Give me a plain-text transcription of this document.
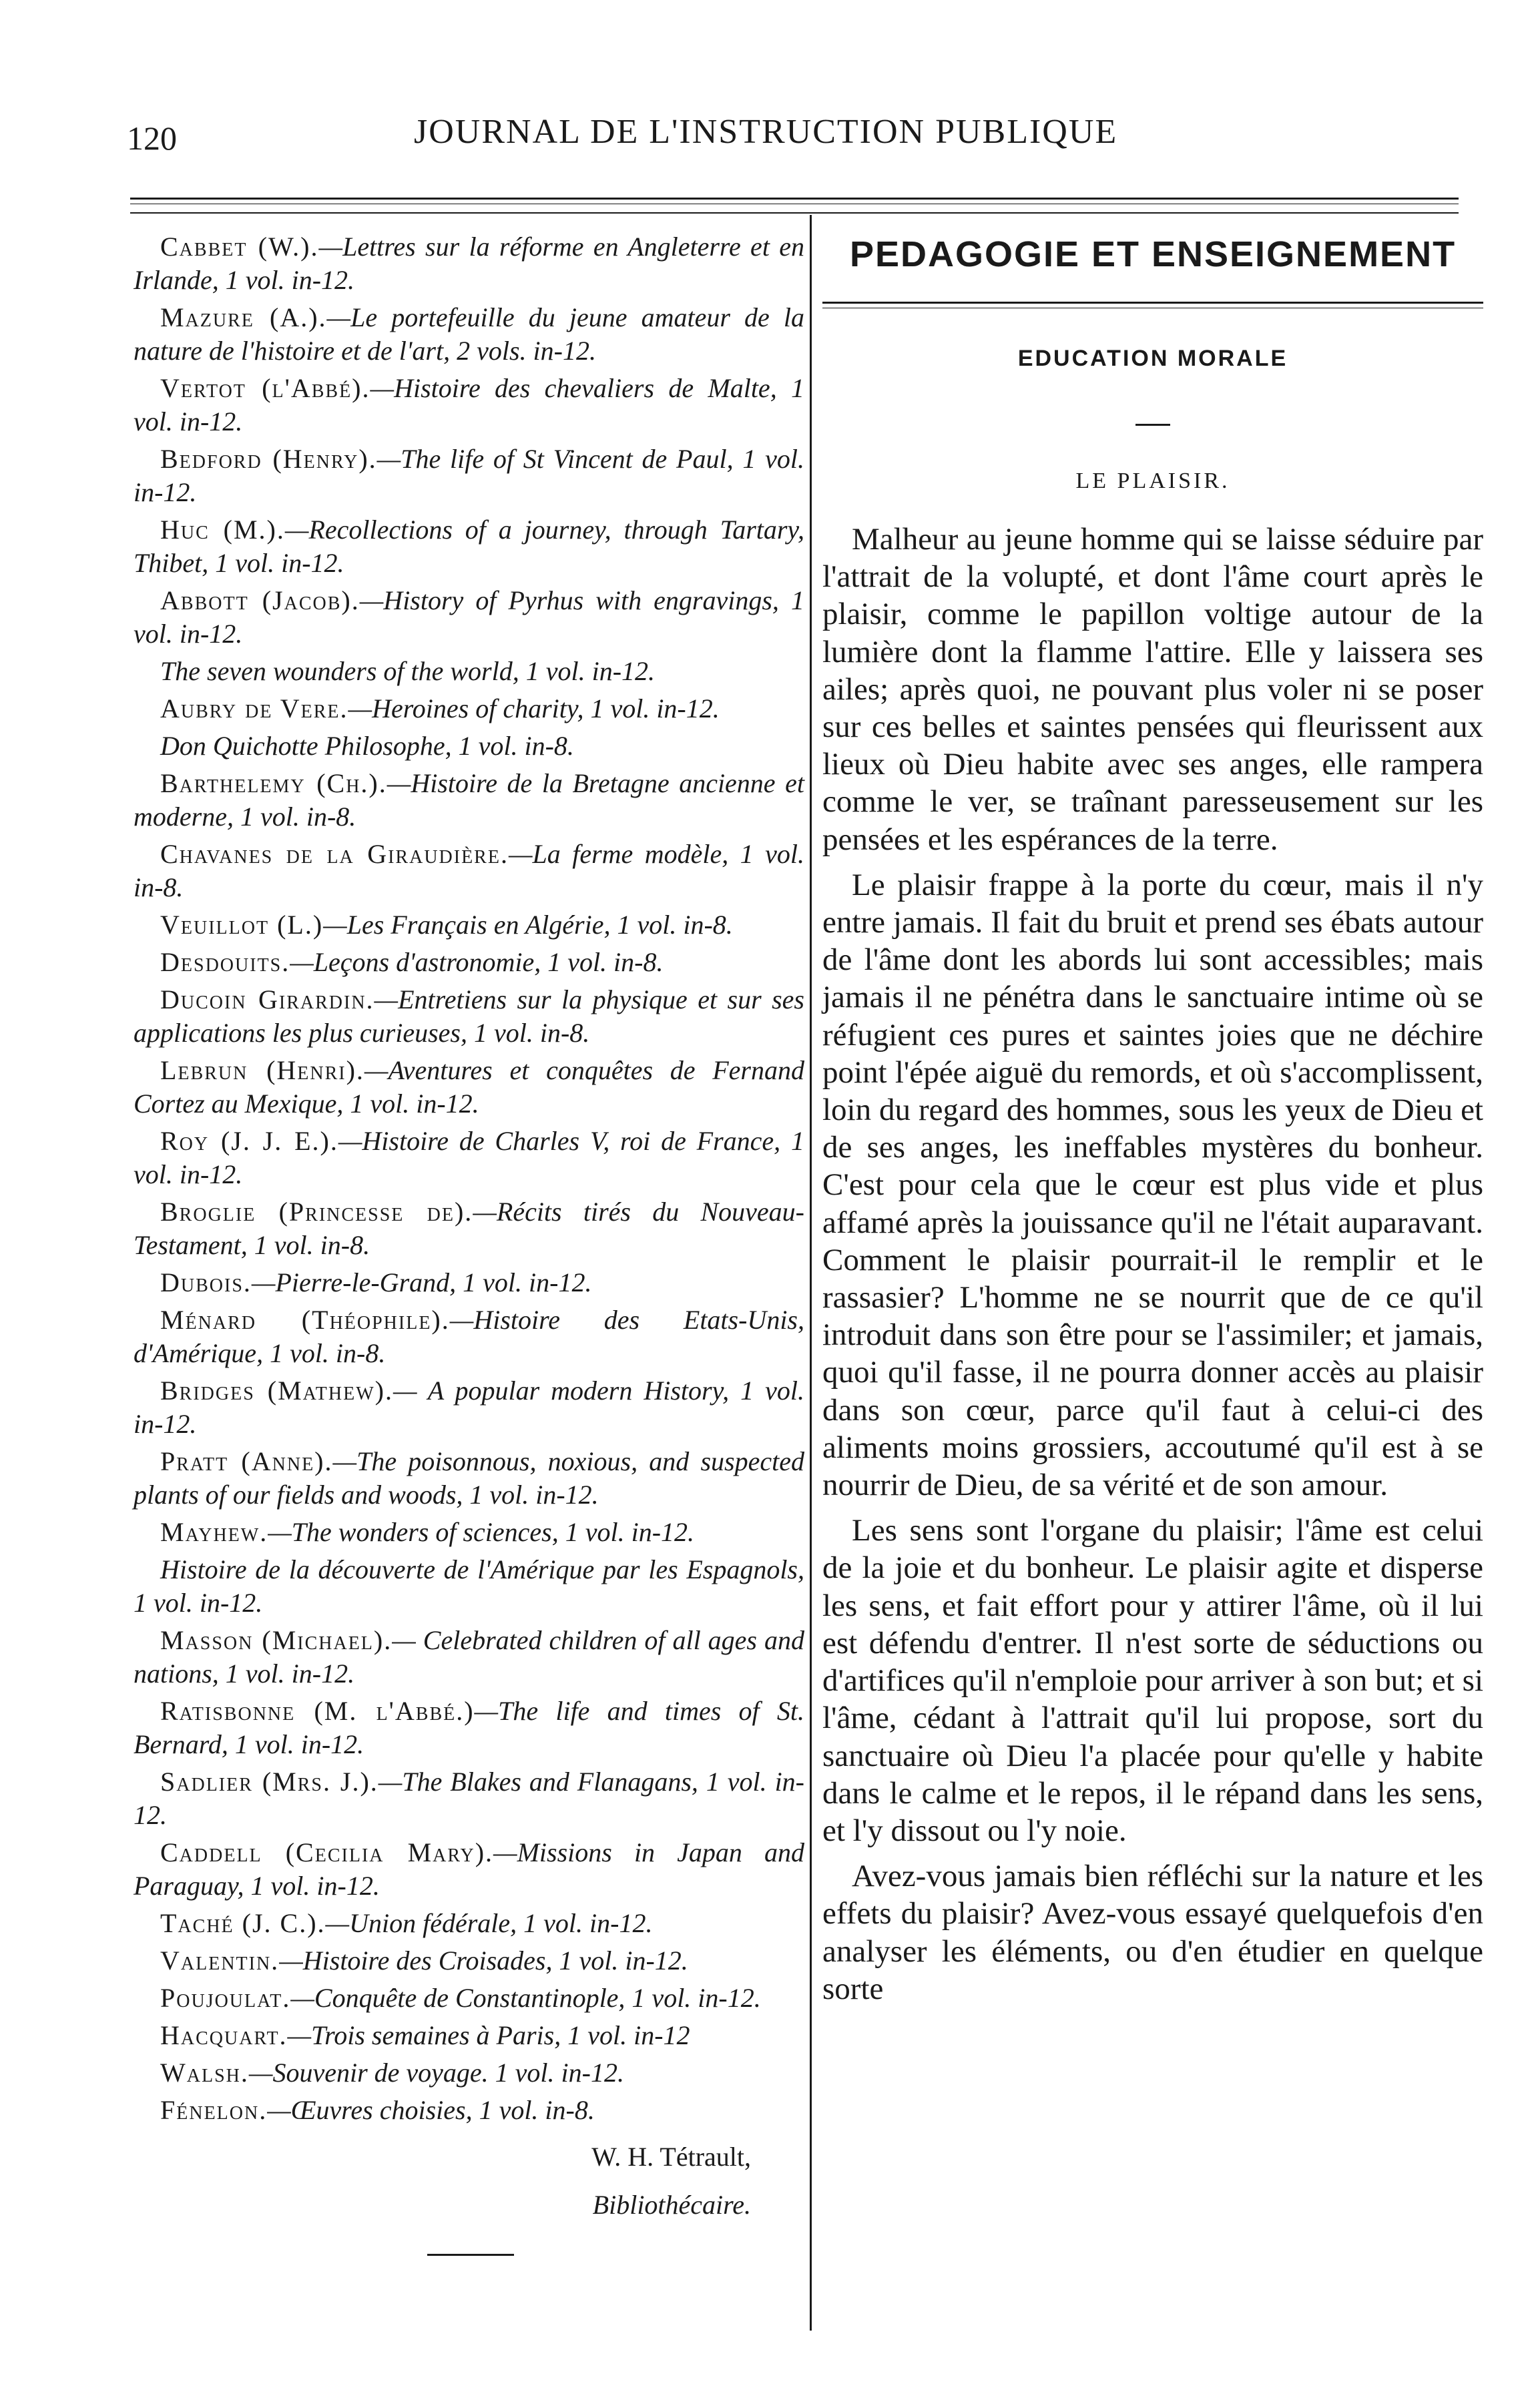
120	JOURNAL DE L'INSTRUCTION PUBLIQUE

Cabbet (W.).—Lettres sur la réforme en Angleterre et en Irlande, 1 vol. in-12.

Mazure (A.).—Le portefeuille du jeune amateur de la nature de l'histoire et de l'art, 2 vols. in-12.

Vertot (l'Abbé).—Histoire des chevaliers de Malte, 1 vol. in-12.

Bedford (Henry).—The life of St Vincent de Paul, 1 vol. in-12.

Huc (M.).—Recollections of a journey, through Tartary, Thibet, 1 vol. in-12.

Abbott (Jacob).—History of Pyrhus with engravings, 1 vol. in-12.

The seven wounders of the world, 1 vol. in-12.

Aubry de Vere.—Heroines of charity, 1 vol. in-12.

Don Quichotte Philosophe, 1 vol. in-8.

Barthelemy (Ch.).—Histoire de la Bretagne ancienne et moderne, 1 vol. in-8.

Chavanes de la Giraudière.—La ferme modèle, 1 vol. in-8.

Veuillot (L.)—Les Français en Algérie, 1 vol. in-8.

Desdouits.—Leçons d'astronomie, 1 vol. in-8.

Ducoin Girardin.—Entretiens sur la physique et sur ses applications les plus curieuses, 1 vol. in-8.

Lebrun (Henri).—Aventures et conquêtes de Fernand Cortez au Mexique, 1 vol. in-12.

Roy (J. J. E.).—Histoire de Charles V, roi de France, 1 vol. in-12.

Broglie (Princesse de).—Récits tirés du Nouveau-Testament, 1 vol. in-8.

Dubois.—Pierre-le-Grand, 1 vol. in-12.

Ménard (Théophile).—Histoire des Etats-Unis, d'Amérique, 1 vol. in-8.

Bridges (Mathew).— A popular modern History, 1 vol. in-12.

Pratt (Anne).—The poisonnous, noxious, and suspected plants of our fields and woods, 1 vol. in-12.

Mayhew.—The wonders of sciences, 1 vol. in-12.

Histoire de la découverte de l'Amérique par les Espagnols, 1 vol. in-12.

Masson (Michael).— Celebrated children of all ages and nations, 1 vol. in-12.

Ratisbonne (M. l'Abbé.)—The life and times of St. Bernard, 1 vol. in-12.

Sadlier (Mrs. J.).—The Blakes and Flanagans, 1 vol. in-12.

Caddell (Cecilia Mary).—Missions in Japan and Paraguay, 1 vol. in-12.

Taché (J. C.).—Union fédérale, 1 vol. in-12.

Valentin.—Histoire des Croisades, 1 vol. in-12.

Poujoulat.—Conquête de Constantinople, 1 vol. in-12.

Hacquart.—Trois semaines à Paris, 1 vol. in-12

Walsh.—Souvenir de voyage. 1 vol. in-12.

Fénelon.—Œuvres choisies, 1 vol. in-8.

W. H. Tétrault,
Bibliothécaire.
PEDAGOGIE ET ENSEIGNEMENT
EDUCATION MORALE
LE PLAISIR.

Malheur au jeune homme qui se laisse séduire par l'attrait de la volupté, et dont l'âme court après le plaisir, comme le papillon voltige autour de la lumière dont la flamme l'attire. Elle y laissera ses ailes; après quoi, ne pouvant plus voler ni se poser sur ces belles et saintes pensées qui fleurissent aux lieux où Dieu habite avec ses anges, elle rampera comme le ver, se traînant paresseusement sur les pensées et les espérances de la terre.

Le plaisir frappe à la porte du cœur, mais il n'y entre jamais. Il fait du bruit et prend ses ébats autour de l'âme dont les abords lui sont accessibles; mais jamais il ne pénétra dans le sanctuaire intime où se réfugient ces pures et saintes joies que ne déchire point l'épée aiguë du remords, et où s'accomplissent, loin du regard des hommes, sous les yeux de Dieu et de ses anges, les ineffables mystères du bonheur. C'est pour cela que le cœur est plus vide et plus affamé après la jouissance qu'il ne l'était auparavant. Comment le plaisir pourrait-il le remplir et le rassasier? L'homme ne se nourrit que de ce qu'il introduit dans son être pour se l'assimiler; et jamais, quoi qu'il fasse, il ne pourra donner accès au plaisir dans son cœur, parce qu'il faut à celui-ci des aliments moins grossiers, accoutumé qu'il est à se nourrir de Dieu, de sa vérité et de son amour.

Les sens sont l'organe du plaisir; l'âme est celui de la joie et du bonheur. Le plaisir agite et disperse les sens, et fait effort pour y attirer l'âme, où il lui est défendu d'entrer. Il n'est sorte de séductions ou d'artifices qu'il n'emploie pour arriver à son but; et si l'âme, cédant à l'attrait qu'il lui propose, sort du sanctuaire où Dieu l'a placée pour qu'elle y habite dans le calme et le repos, il le répand dans les sens, et l'y dissout ou l'y noie.

Avez-vous jamais bien réfléchi sur la nature et les effets du plaisir? Avez-vous essayé quelquefois d'en analyser les éléments, ou d'en étudier en quelque sorte
